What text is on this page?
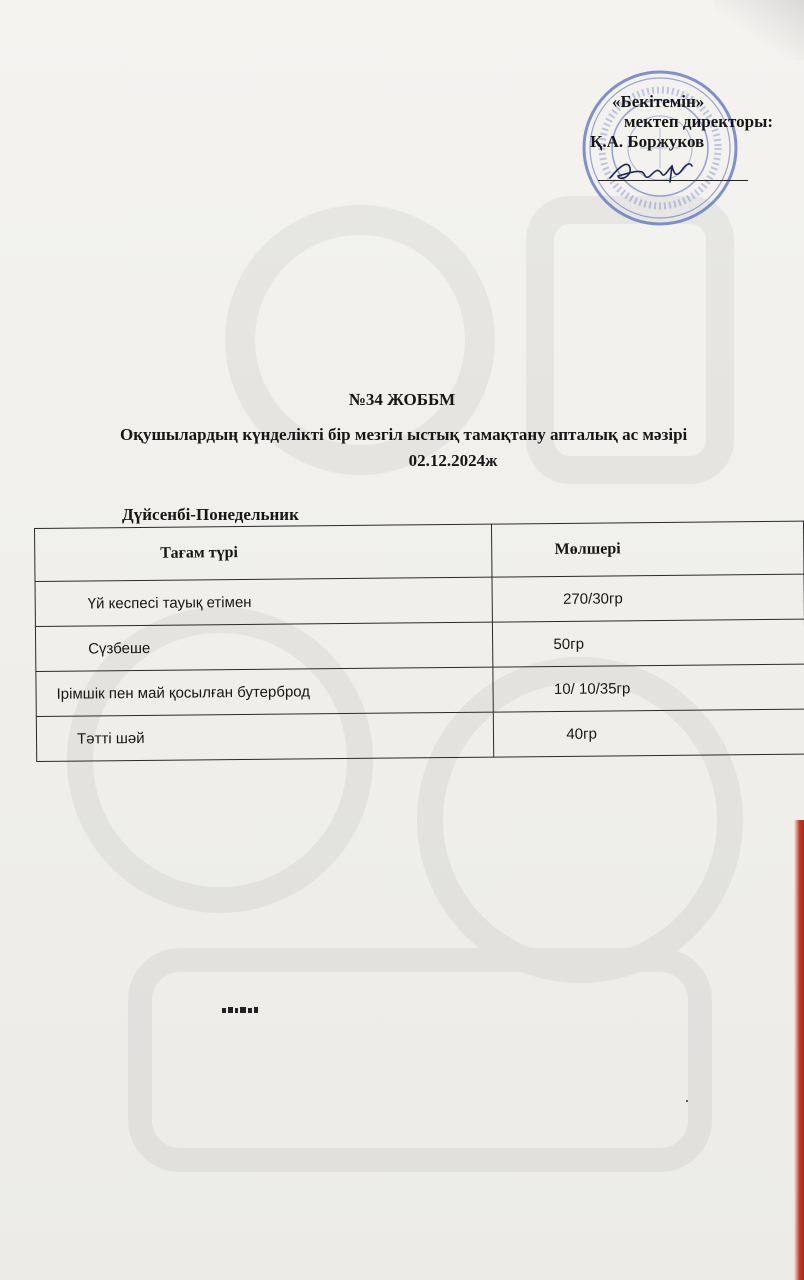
«Бекітемін»
мектеп директоры:
Қ.А. Боржуков
№34 ЖОББМ
Оқушылардың күнделікті бір мезгіл ыстық тамақтану апталық ас мәзірі
02.12.2024ж
Дүйсенбі-Понедельник
Тағам түрі	Мөлшері
Үй кеспесі тауық етімен	270/30гр
Сүзбеше	50гр
Ірімшік пен май қосылған бутерброд	10/ 10/35гр
Тәтті шәй	40гр
